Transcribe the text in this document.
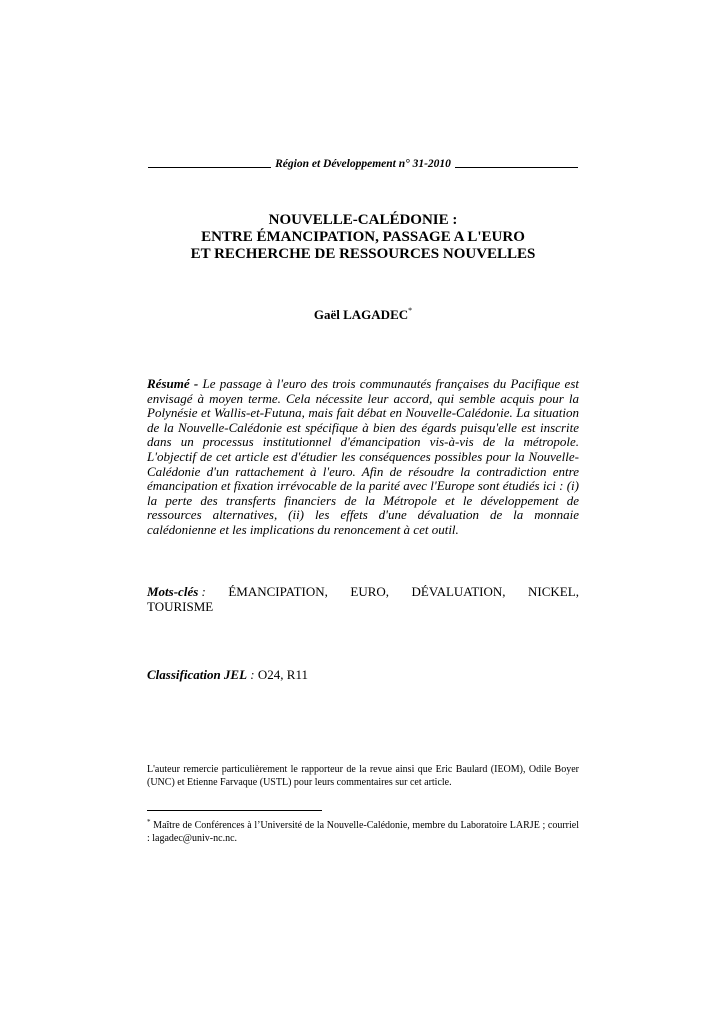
Région et Développement n° 31-2010
NOUVELLE-CALÉDONIE :
ENTRE ÉMANCIPATION, PASSAGE A L'EURO
ET RECHERCHE DE RESSOURCES NOUVELLES
Gaël LAGADEC*
Résumé - Le passage à l'euro des trois communautés françaises du Pacifique est envisagé à moyen terme. Cela nécessite leur accord, qui semble acquis pour la Polynésie et Wallis-et-Futuna, mais fait débat en Nouvelle-Calédonie. La situation de la Nouvelle-Calédonie est spécifique à bien des égards puisqu'elle est inscrite dans un processus institutionnel d'émancipation vis-à-vis de la métropole. L'objectif de cet article est d'étudier les conséquences possibles pour la Nouvelle-Calédonie d'un rattachement à l'euro. Afin de résoudre la contradiction entre émancipation et fixation irrévocable de la parité avec l'Europe sont étudiés ici : (i) la perte des transferts financiers de la Métropole et le développement de ressources alternatives, (ii) les effets d'une dévaluation de la monnaie calédonienne et les implications du renoncement à cet outil.
Mots-clés : ÉMANCIPATION, EURO, DÉVALUATION, NICKEL,
TOURISME
Classification JEL : O24, R11
L'auteur remercie particulièrement le rapporteur de la revue ainsi que Eric Baulard (IEOM), Odile Boyer (UNC) et Etienne Farvaque (USTL) pour leurs commentaires sur cet article.
* Maître de Conférences à l’Université de la Nouvelle-Calédonie, membre du Laboratoire LARJE ; courriel : lagadec@univ-nc.nc.
